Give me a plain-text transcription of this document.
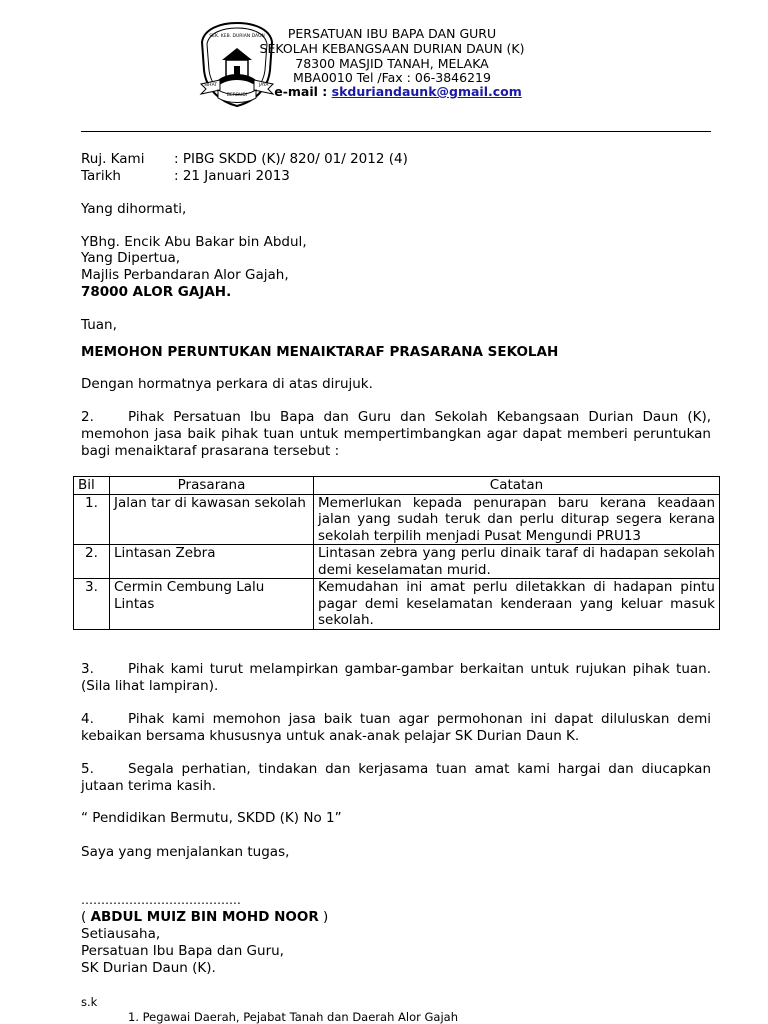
SEK. KEB. DURIAN DAUN
SIHAT	JAYA
BERBUDI
PERSATUAN IBU BAPA DAN GURU
SEKOLAH KEBANGSAAN DURIAN DAUN (K)
78300 MASJID TANAH, MELAKA
MBA0010 Tel /Fax : 06-3846219
e-mail : skduriandaunk@gmail.com
Ruj. Kami : PIBG SKDD (K)/ 820/ 01/ 2012 (4)
Tarikh	: 21 Januari 2013
Yang dihormati,
YBhg. Encik Abu Bakar bin Abdul,
Yang Dipertua,
Majlis Perbandaran Alor Gajah,
78000 ALOR GAJAH.
Tuan,
MEMOHON PERUNTUKAN MENAIKTARAF PRASARANA SEKOLAH
Dengan hormatnya perkara di atas dirujuk.
2.	Pihak Persatuan Ibu Bapa dan Guru dan Sekolah Kebangsaan Durian Daun (K), memohon jasa baik pihak tuan untuk mempertimbangkan agar dapat memberi peruntukan bagi menaiktaraf prasarana tersebut :
Bil	Prasarana	Catatan
1.	Jalan tar di kawasan sekolah	Memerlukan kepada penurapan baru kerana keadaan jalan yang sudah teruk dan perlu diturap segera kerana sekolah terpilih menjadi Pusat Mengundi PRU13
2.	Lintasan Zebra	Lintasan zebra yang perlu dinaik taraf di hadapan sekolah demi keselamatan murid.
3.	Cermin Cembung Lalu Lintas	Kemudahan ini amat perlu diletakkan di hadapan pintu pagar demi keselamatan kenderaan yang keluar masuk sekolah.
3.	Pihak kami turut melampirkan gambar-gambar berkaitan untuk rujukan pihak tuan. (Sila lihat lampiran).
4.	Pihak kami memohon jasa baik tuan agar permohonan ini dapat diluluskan demi kebaikan bersama khususnya untuk anak-anak pelajar SK Durian Daun K.
5.	Segala perhatian, tindakan dan kerjasama tuan amat kami hargai dan diucapkan jutaan terima kasih.
“ Pendidikan Bermutu, SKDD (K) No 1”
Saya yang menjalankan tugas,
………………………………….
( ABDUL MUIZ BIN MOHD NOOR )
Setiausaha,
Persatuan Ibu Bapa dan Guru,
SK Durian Daun (K).
s.k
1. Pegawai Daerah, Pejabat Tanah dan Daerah Alor Gajah
